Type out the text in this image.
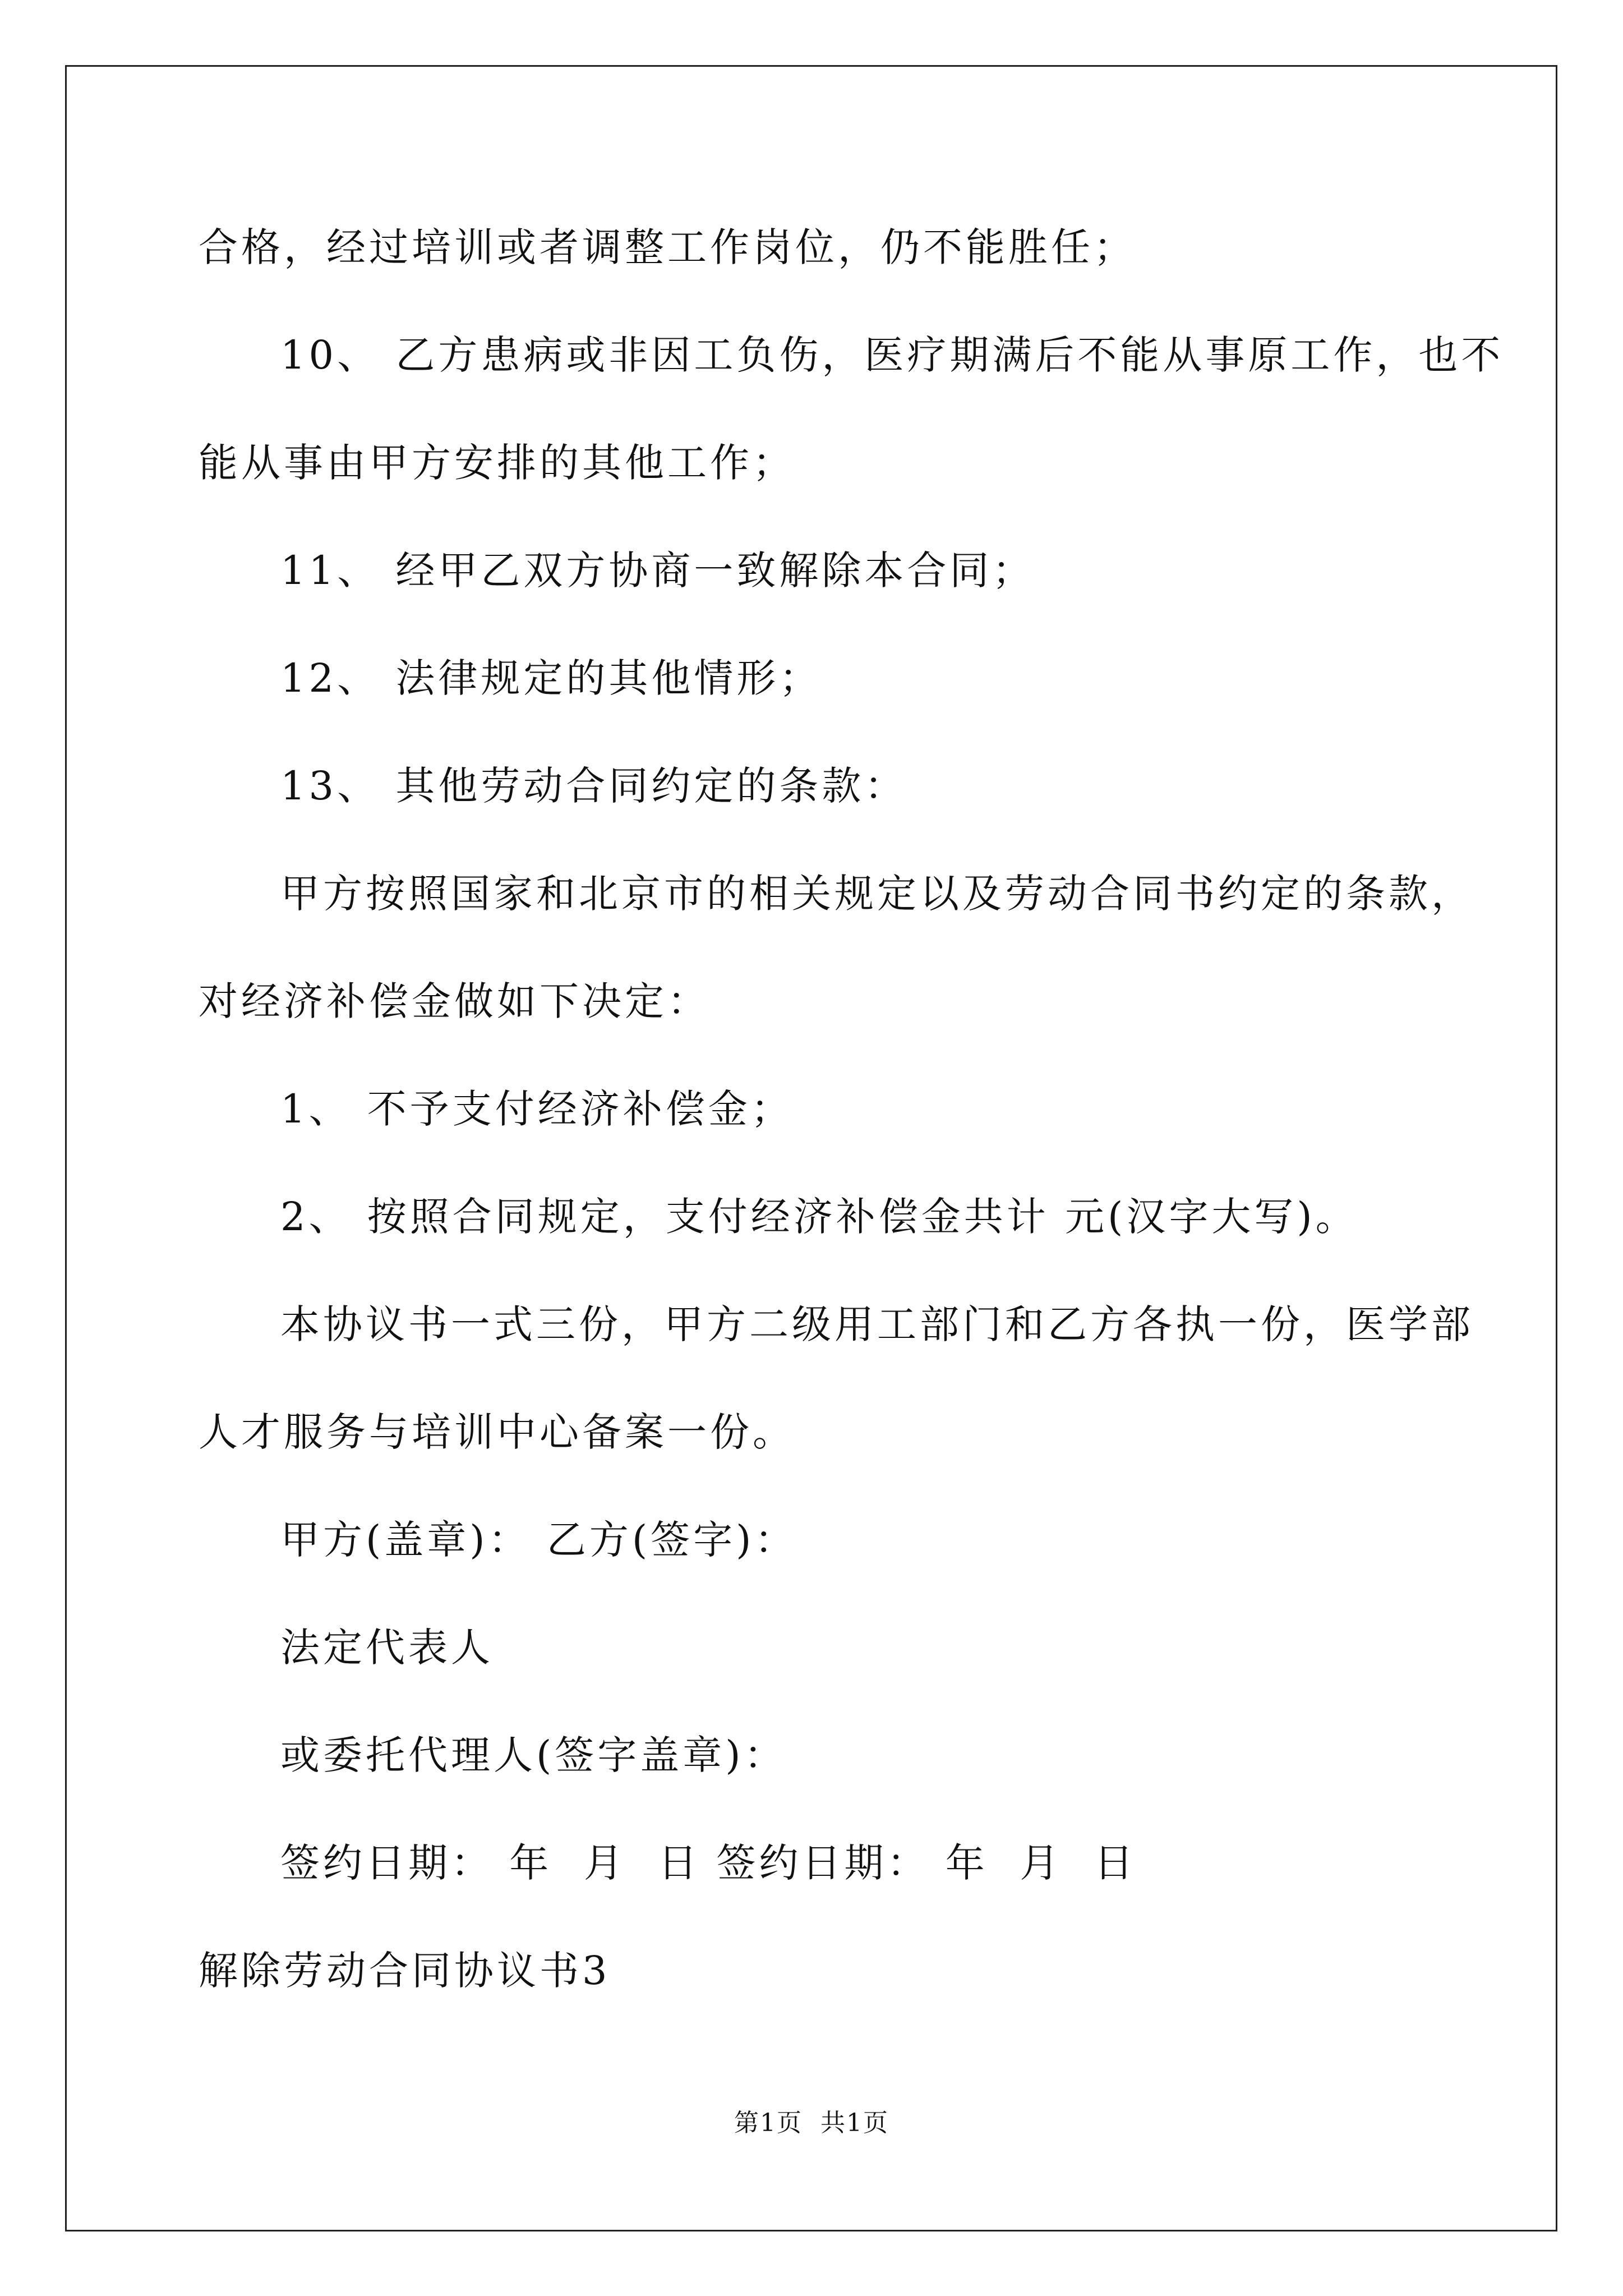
合格，经过培训或者调整工作岗位，仍不能胜任；
10、 乙方患病或非因工负伤，医疗期满后不能从事原工作，也不
能从事由甲方安排的其他工作；
11、 经甲乙双方协商一致解除本合同；
12、 法律规定的其他情形；
13、 其他劳动合同约定的条款：
甲方按照国家和北京市的相关规定以及劳动合同书约定的条款，
对经济补偿金做如下决定：
1、 不予支付经济补偿金；
2、 按照合同规定，支付经济补偿金共计 元(汉字大写)。
本协议书一式三份，甲方二级用工部门和乙方各执一份，医学部
人才服务与培训中心备案一份。
甲方(盖章)： 乙方(签字)：
法定代表人
或委托代理人(签字盖章)：
签约日期： 年  月  日 签约日期： 年  月  日
解除劳动合同协议书3
第1页  共1页
